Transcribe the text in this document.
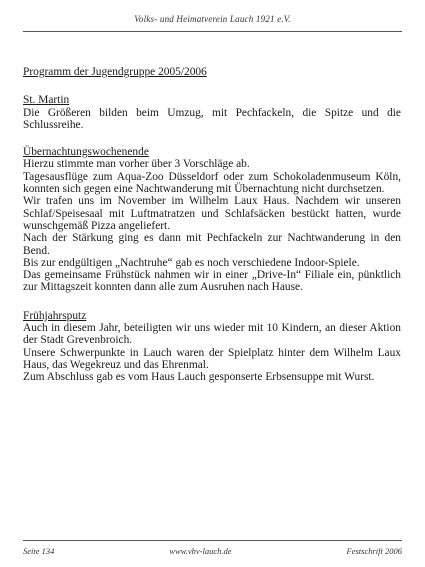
Volks- und Heimatverein Lauch 1921 e.V.
Programm der Jugendgruppe 2005/2006
St. Martin
Die Größeren bilden beim Umzug, mit Pechfackeln, die Spitze und die Schlussreihe.
Übernachtungswochenende
Hierzu stimmte man vorher über 3 Vorschläge ab.
Tagesausflüge zum Aqua-Zoo Düsseldorf oder zum Schokoladenmuseum Köln, konnten sich gegen eine Nachtwanderung mit Übernachtung nicht durchsetzen.
Wir trafen uns im November im Wilhelm Laux Haus. Nachdem wir unseren Schlaf/Speisesaal mit Luftmatratzen und Schlafsäcken bestückt hatten, wurde wunschgemäß Pizza angeliefert.
Nach der Stärkung ging es dann mit Pechfackeln zur Nachtwanderung in den Bend.
Bis zur endgültigen „Nachtruhe“ gab es noch verschiedene Indoor-Spiele.
Das gemeinsame Frühstück nahmen wir in einer „Drive-In“ Filiale ein, pünktlich zur Mittagszeit konnten dann alle zum Ausruhen nach Hause.
Frühjahrsputz
Auch in diesem Jahr, beteiligten wir uns wieder mit 10 Kindern, an dieser Aktion der Stadt Grevenbroich.
Unsere Schwerpunkte in Lauch waren der Spielplatz hinter dem Wilhelm Laux Haus, das Wegekreuz und das Ehrenmal.
Zum Abschluss gab es vom Haus Lauch gesponserte Erbsensuppe mit Wurst.
Seite 134	www.vhv-lauch.de	Festschrift 2006
